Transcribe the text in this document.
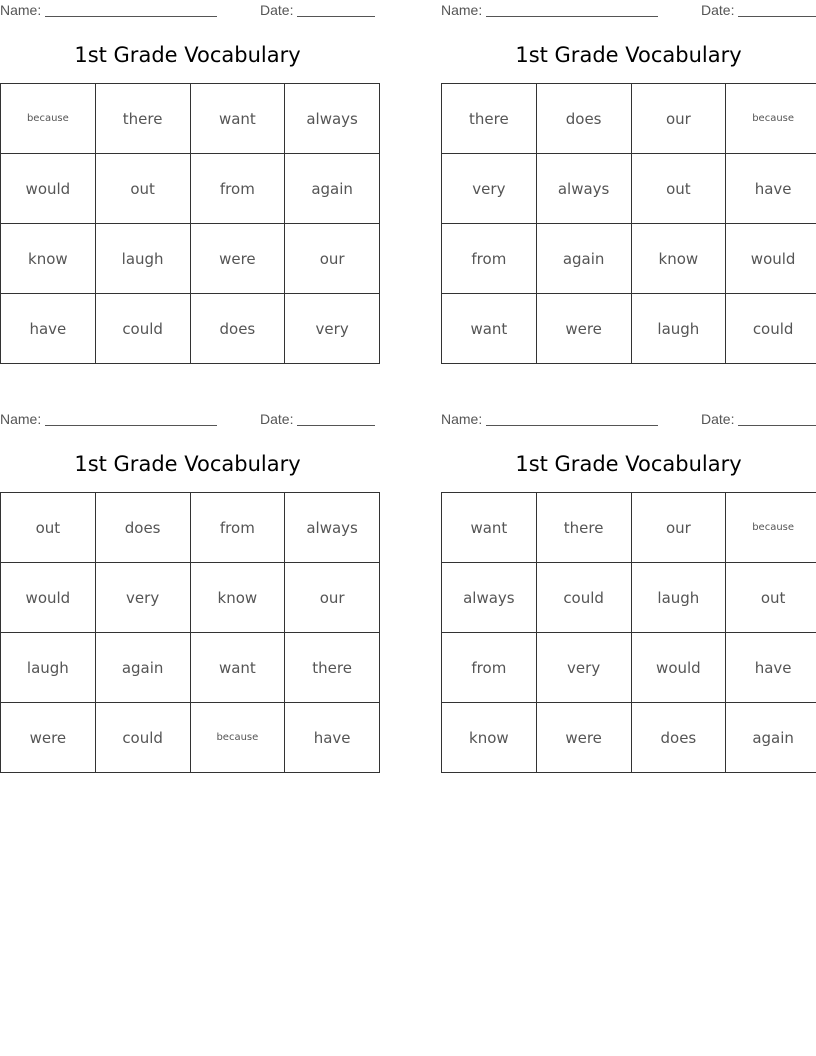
Name:	Date:
1st Grade Vocabulary
because	there	want	always
would	out	from	again
know	laugh	were	our
have	could	does	very
Name:	Date:
1st Grade Vocabulary
there	does	our	because
very	always	out	have
from	again	know	would
want	were	laugh	could
Name:	Date:
1st Grade Vocabulary
out	does	from	always
would	very	know	our
laugh	again	want	there
were	could	because	have
Name:	Date:
1st Grade Vocabulary
want	there	our	because
always	could	laugh	out
from	very	would	have
know	were	does	again
